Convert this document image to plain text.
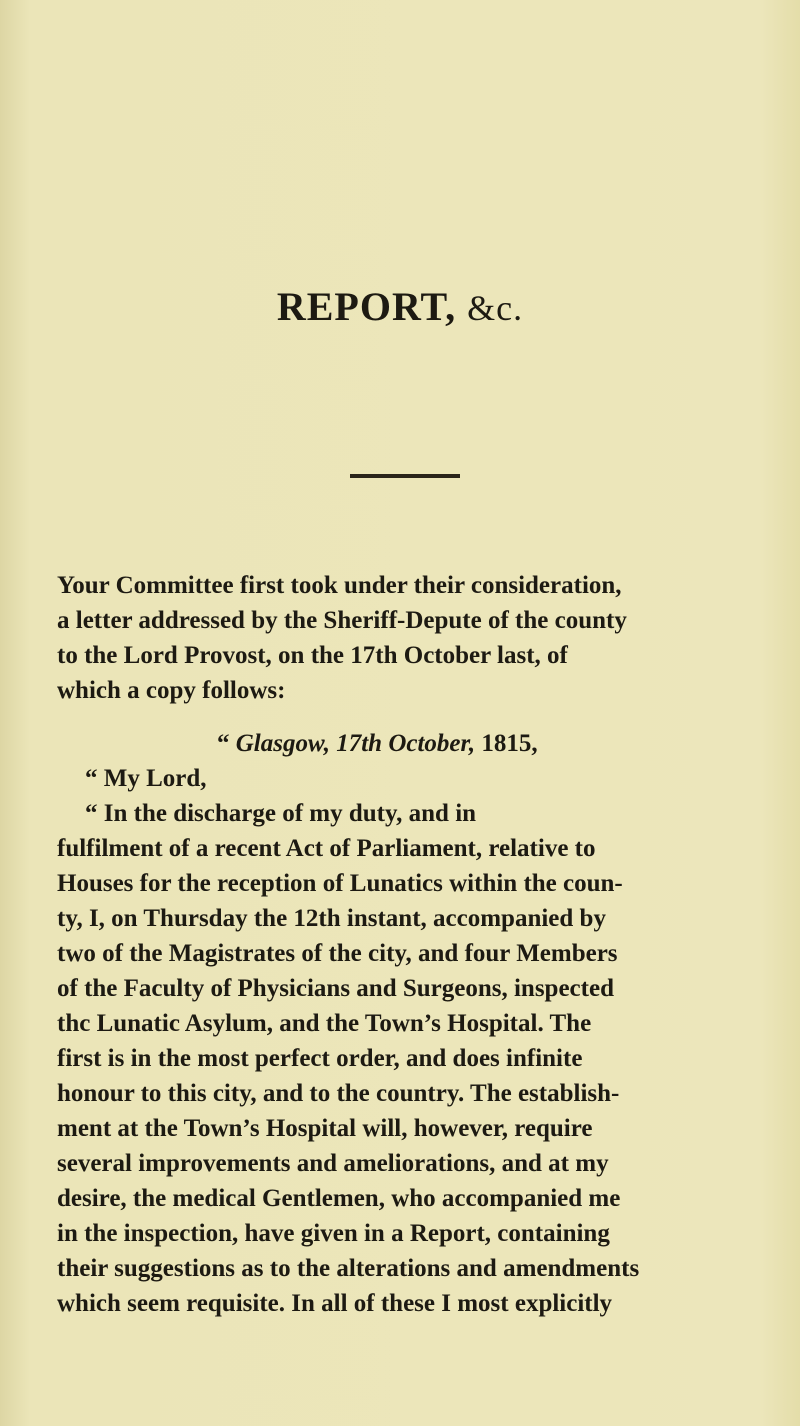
REPORT, &c.
Your Committee first took under their consideration,
a letter addressed by the Sheriff-Depute of the county
to the Lord Provost, on the 17th October last, of
which a copy follows:
“ Glasgow, 17th October, 1815,
“ My Lord,
“ In the discharge of my duty, and in
fulfilment of a recent Act of Parliament, relative to
Houses for the reception of Lunatics within the coun-
ty, I, on Thursday the 12th instant, accompanied by
two of the Magistrates of the city, and four Members
of the Faculty of Physicians and Surgeons, inspected
thc Lunatic Asylum, and the Town’s Hospital. The
first is in the most perfect order, and does infinite
honour to this city, and to the country. The establish-
ment at the Town’s Hospital will, however, require
several improvements and ameliorations, and at my
desire, the medical Gentlemen, who accompanied me
in the inspection, have given in a Report, containing
their suggestions as to the alterations and amendments
which seem requisite. In all of these I most explicitly
